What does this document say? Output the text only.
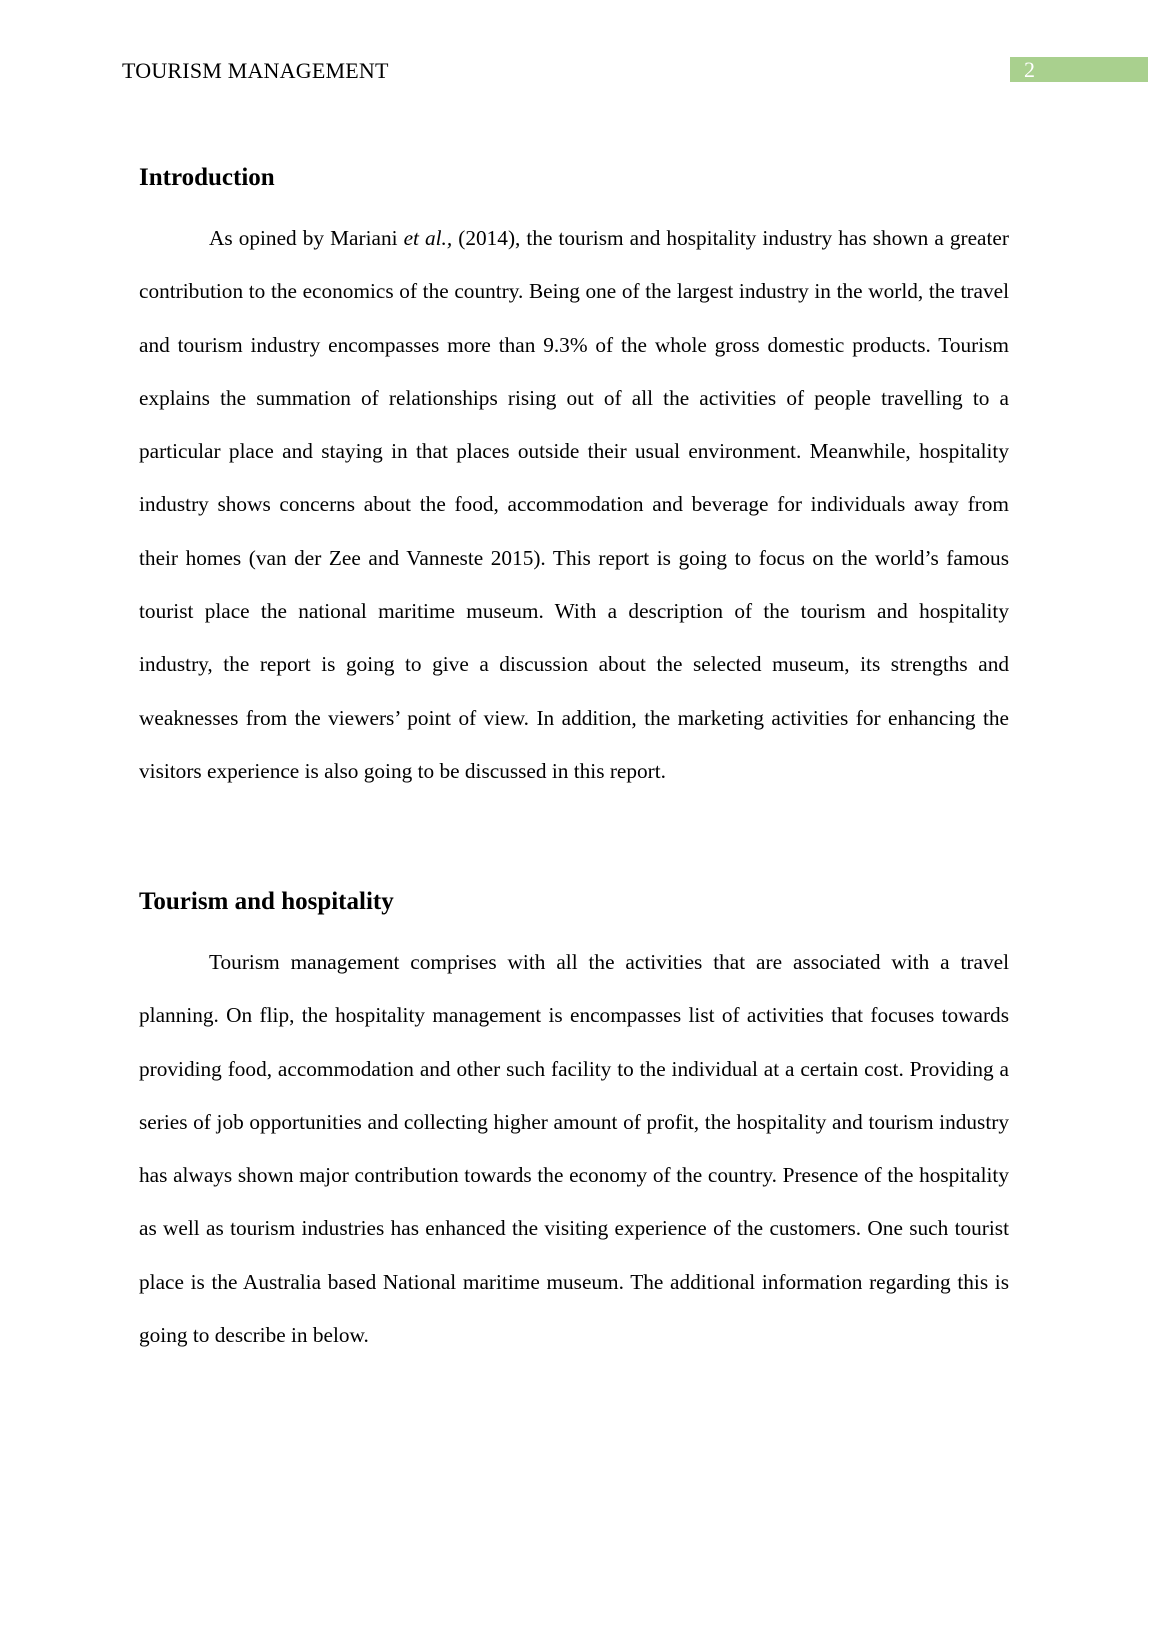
TOURISM MANAGEMENT	2
Introduction

As opined by Mariani et al., (2014), the tourism and hospitality industry has shown a greater contribution to the economics of the country. Being one of the largest industry in the world, the travel and tourism industry encompasses more than 9.3% of the whole gross domestic products. Tourism explains the summation of relationships rising out of all the activities of people travelling to a particular place and staying in that places outside their usual environment. Meanwhile, hospitality industry shows concerns about the food, accommodation and beverage for individuals away from their homes (van der Zee and Vanneste 2015). This report is going to focus on the world’s famous tourist place the national maritime museum. With a description of the tourism and hospitality industry, the report is going to give a discussion about the selected museum, its strengths and weaknesses from the viewers’ point of view. In addition, the marketing activities for enhancing the visitors experience is also going to be discussed in this report.

Tourism and hospitality

Tourism management comprises with all the activities that are associated with a travel planning. On flip, the hospitality management is encompasses list of activities that focuses towards providing food, accommodation and other such facility to the individual at a certain cost. Providing a series of job opportunities and collecting higher amount of profit, the hospitality and tourism industry has always shown major contribution towards the economy of the country. Presence of the hospitality as well as tourism industries has enhanced the visiting experience of the customers. One such tourist place is the Australia based National maritime museum. The additional information regarding this is going to describe in below.
